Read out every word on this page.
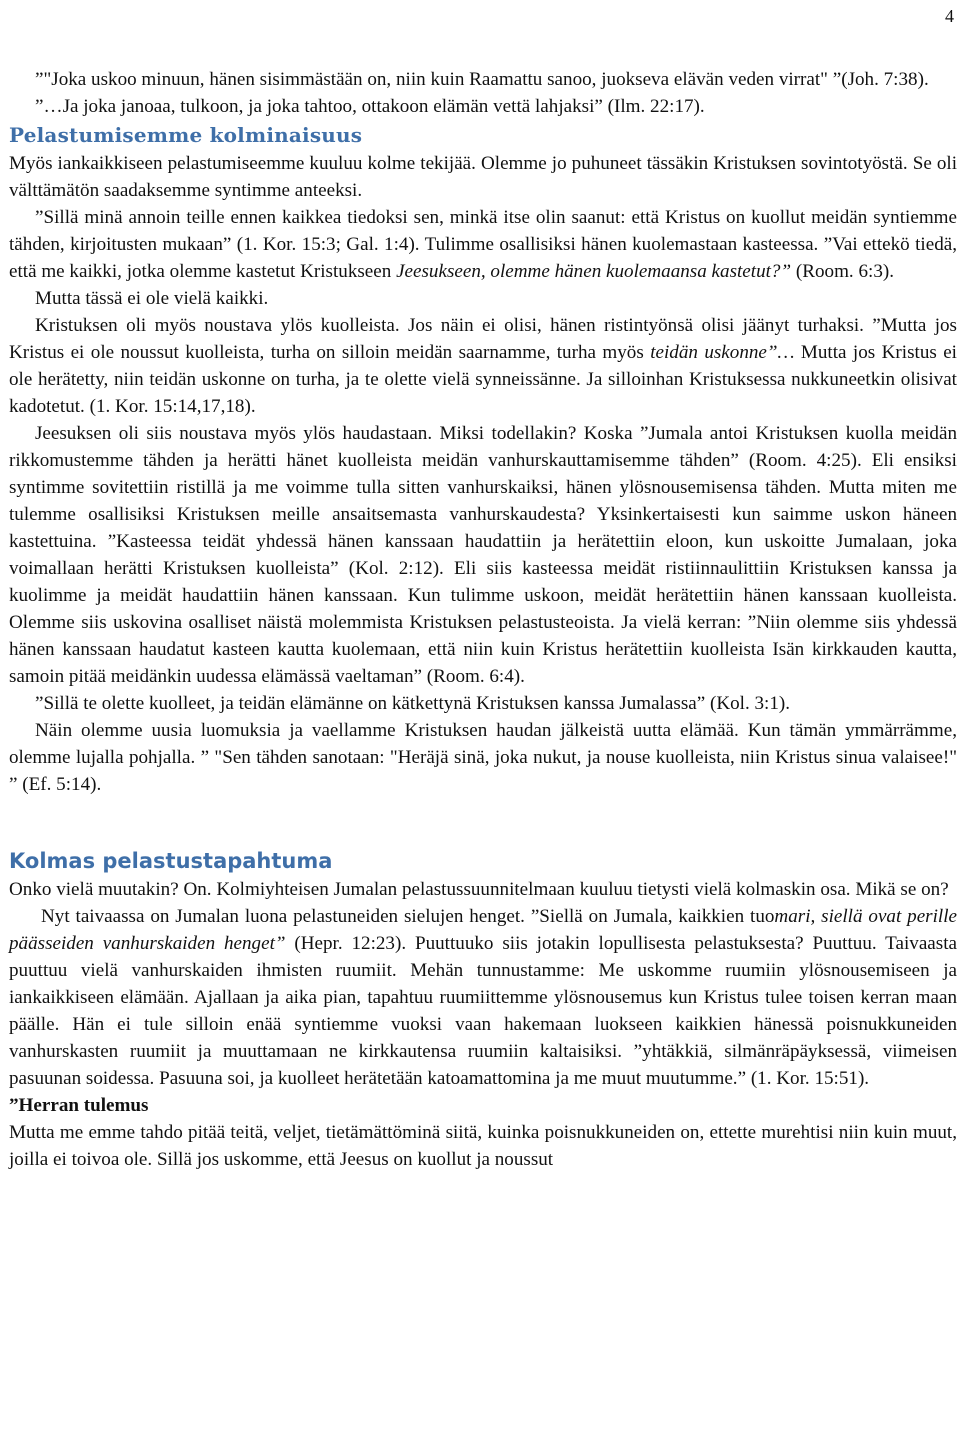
4

”"Joka uskoo minuun, hänen sisimmästään on, niin kuin Raamattu sanoo, juokseva elävän veden virrat" ”(Joh. 7:38).

”…Ja joka janoaa, tulkoon, ja joka tahtoo, ottakoon elämän vettä lahjaksi” (Ilm. 22:17).

Pelastumisemme kolminaisuus

Myös iankaikkiseen pelastumiseemme kuuluu kolme tekijää. Olemme jo puhuneet tässäkin Kristuksen sovintotyöstä. Se oli välttämätön saadaksemme syntimme anteeksi.

”Sillä minä annoin teille ennen kaikkea tiedoksi sen, minkä itse olin saanut: että Kristus on kuollut meidän syntiemme tähden, kirjoitusten mukaan” (1. Kor. 15:3; Gal. 1:4). Tulimme osallisiksi hänen kuolemastaan kasteessa. ”Vai ettekö tiedä, että me kaikki, jotka olemme kastetut Kristukseen Jeesukseen, olemme hänen kuolemaansa kastetut?” (Room. 6:3).

Mutta tässä ei ole vielä kaikki.

Kristuksen oli myös noustava ylös kuolleista. Jos näin ei olisi, hänen ristintyönsä olisi jäänyt turhaksi. ”Mutta jos Kristus ei ole noussut kuolleista, turha on silloin meidän saarnamme, turha myös teidän uskonne”… Mutta jos Kristus ei ole herätetty, niin teidän uskonne on turha, ja te olette vielä synneissänne. Ja silloinhan Kristuksessa nukkuneetkin olisivat kadotetut. (1. Kor. 15:14,17,18).

Jeesuksen oli siis noustava myös ylös haudastaan. Miksi todellakin? Koska ”Jumala antoi Kristuksen kuolla meidän rikkomustemme tähden ja herätti hänet kuolleista meidän vanhurskauttamisemme tähden” (Room. 4:25). Eli ensiksi syntimme sovitettiin ristillä ja me voimme tulla sitten vanhurskaiksi, hänen ylösnousemisensa tähden. Mutta miten me tulemme osallisiksi Kristuksen meille ansaitsemasta vanhurskaudesta? Yksinkertaisesti kun saimme uskon häneen kastettuina. ”Kasteessa teidät yhdessä hänen kanssaan haudattiin ja herätettiin eloon, kun uskoitte Jumalaan, joka voimallaan herätti Kristuksen kuolleista” (Kol. 2:12). Eli siis kasteessa meidät ristiinnaulittiin Kristuksen kanssa ja kuolimme ja meidät haudattiin hänen kanssaan. Kun tulimme uskoon, meidät herätettiin hänen kanssaan kuolleista. Olemme siis uskovina osalliset näistä molemmista Kristuksen pelastusteoista. Ja vielä kerran: ”Niin olemme siis yhdessä hänen kanssaan haudatut kasteen kautta kuolemaan, että niin kuin Kristus herätettiin kuolleista Isän kirkkauden kautta, samoin pitää meidänkin uudessa elämässä vaeltaman” (Room. 6:4).

”Sillä te olette kuolleet, ja teidän elämänne on kätkettynä Kristuksen kanssa Jumalassa” (Kol. 3:1).

Näin olemme uusia luomuksia ja vaellamme Kristuksen haudan jälkeistä uutta elämää. Kun tämän ymmärrämme, olemme lujalla pohjalla. ” "Sen tähden sanotaan: "Heräjä sinä, joka nukut, ja nouse kuolleista, niin Kristus sinua valaisee!" ” (Ef. 5:14).

Kolmas pelastustapahtuma

Onko vielä muutakin? On. Kolmiyhteisen Jumalan pelastussuunnitelmaan kuuluu tietysti vielä kolmaskin osa. Mikä se on?

Nyt taivaassa on Jumalan luona pelastuneiden sielujen henget. ”Siellä on Jumala, kaikkien tuomari, siellä ovat perille päässeiden vanhurskaiden henget” (Hepr. 12:23). Puuttuuko siis jotakin lopullisesta pelastuksesta? Puuttuu. Taivaasta puuttuu vielä vanhurskaiden ihmisten ruumiit. Mehän tunnustamme: Me uskomme ruumiin ylösnousemiseen ja iankaikkiseen elämään. Ajallaan ja aika pian, tapahtuu ruumiittemme ylösnousemus kun Kristus tulee toisen kerran maan päälle. Hän ei tule silloin enää syntiemme vuoksi vaan hakemaan luokseen kaikkien hänessä poisnukkuneiden vanhurskasten ruumiit ja muuttamaan ne kirkkautensa ruumiin kaltaisiksi. ”yhtäkkiä, silmänräpäyksessä, viimeisen pasuunan soidessa. Pasuuna soi, ja kuolleet herätetään katoamattomina ja me muut muutumme.” (1. Kor. 15:51).

”Herran tulemus

Mutta me emme tahdo pitää teitä, veljet, tietämättöminä siitä, kuinka poisnukkuneiden on, ettette murehtisi niin kuin muut, joilla ei toivoa ole. Sillä jos uskomme, että Jeesus on kuollut ja noussut
